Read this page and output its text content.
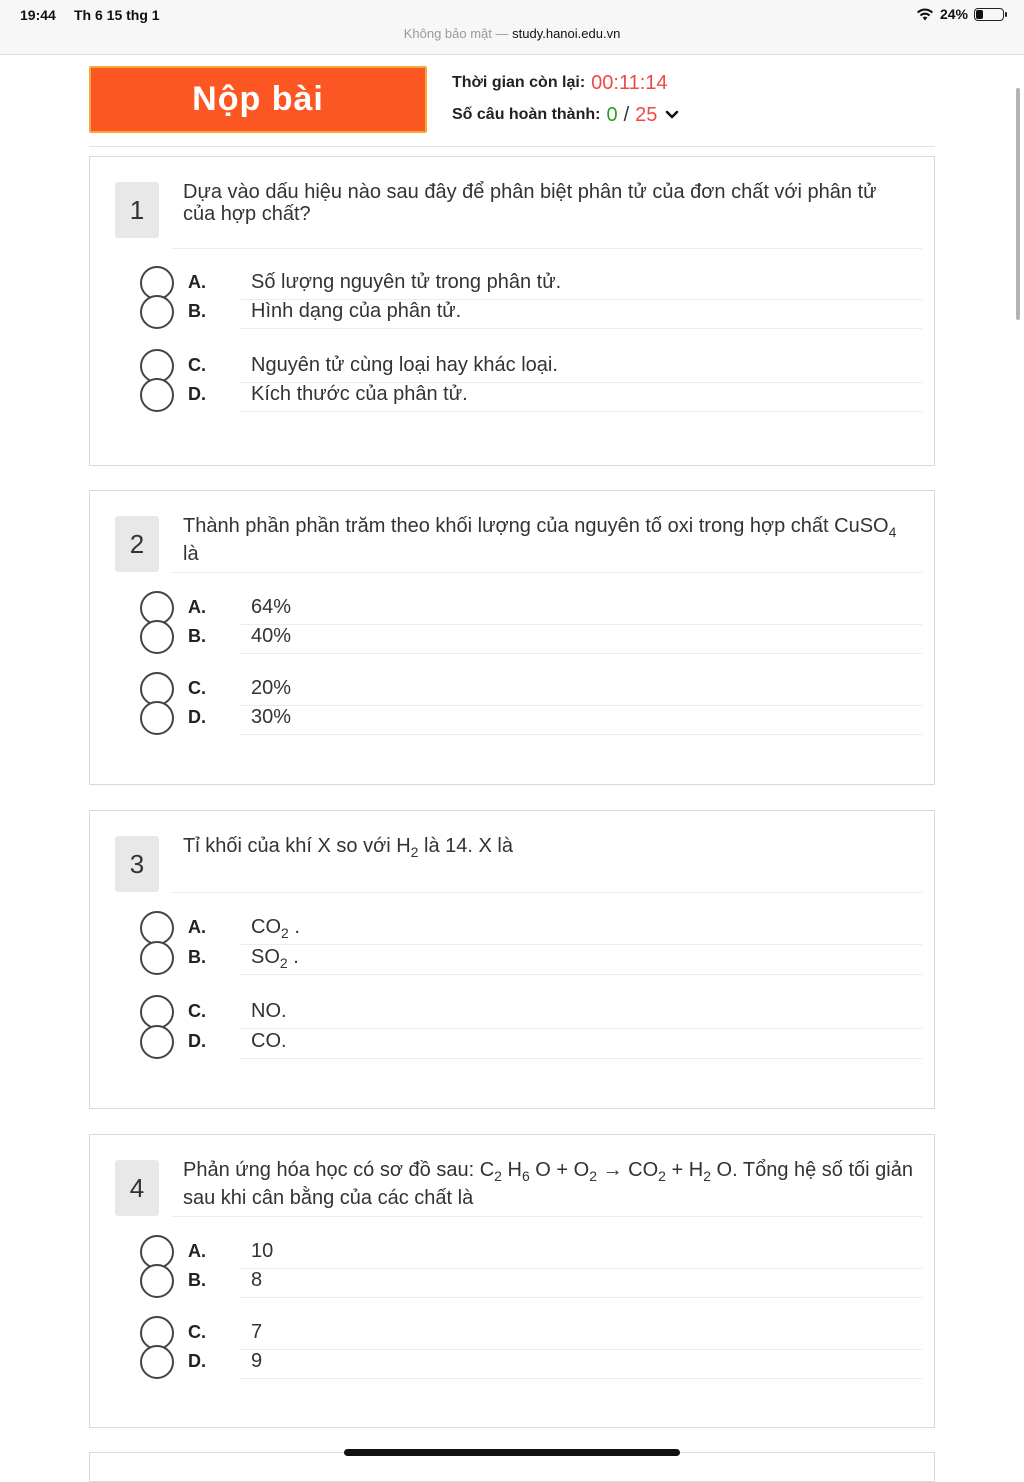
19:44 Th 6 15 thg 1	24%
Không bảo mật — study.hanoi.edu.vn
Nộp bài	Thời gian còn lại: 00:11:14
Số câu hoàn thành: 0 / 25
1
Dựa vào dấu hiệu nào sau đây để phân biệt phân tử của đơn chất với phân tử của hợp chất?
A. Số lượng nguyên tử trong phân tử.
B. Hình dạng của phân tử.
C. Nguyên tử cùng loại hay khác loại.
D. Kích thước của phân tử.
2
Thành phần phần trăm theo khối lượng của nguyên tố oxi trong hợp chất CuSO$_4$ là
A. 64%
B. 40%
C. 20%
D. 30%
3
Tỉ khối của khí X so với $H_2$ là 14. X là
A. $CO_2$ .
B. $SO_2$ .
C. NO.
D. CO.
4
Phản ứng hóa học có sơ đồ sau: $C_2$ $H_6$ $O + O_2 \to CO_2 + H_2$ O. Tổng hệ số tối giản sau khi cân bằng của các chất là
A. 10
B. 8
C. 7
D. 9
